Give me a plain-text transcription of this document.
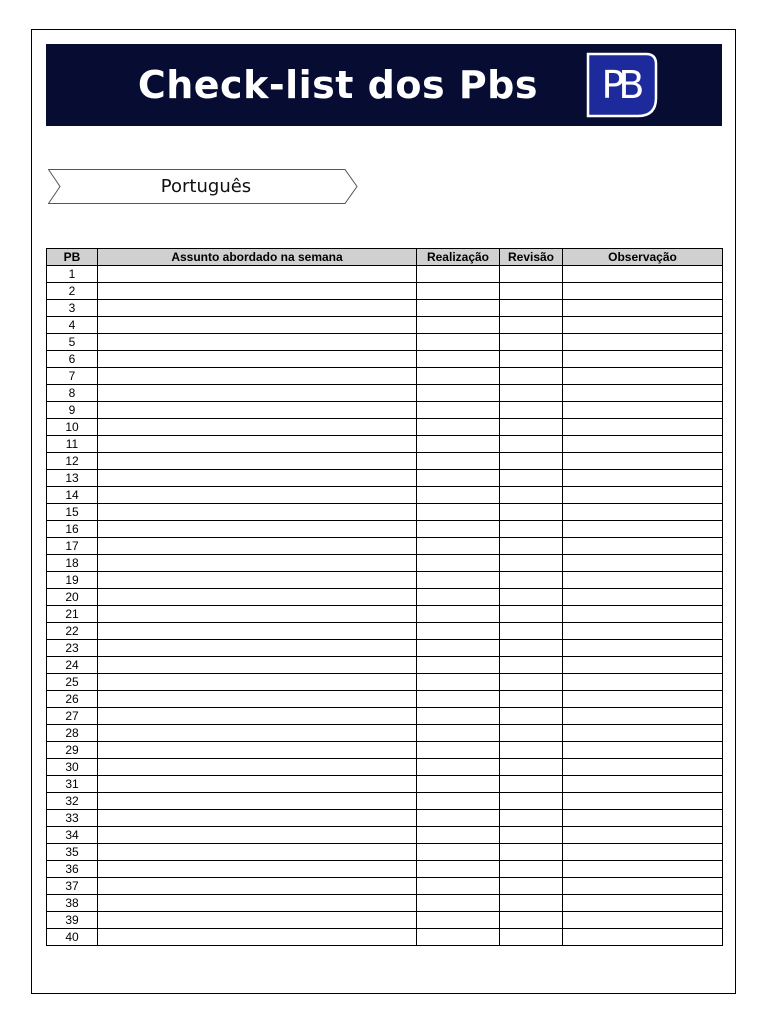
Check-list dos Pbs PB
Português
PB	Assunto abordado na semana	Realização	Revisão	Observação
1				
2				
3				
4				
5				
6				
7				
8				
9				
10				
11				
12				
13				
14				
15				
16				
17				
18				
19				
20				
21				
22				
23				
24				
25				
26				
27				
28				
29				
30				
31				
32				
33				
34				
35				
36				
37				
38				
39				
40				
